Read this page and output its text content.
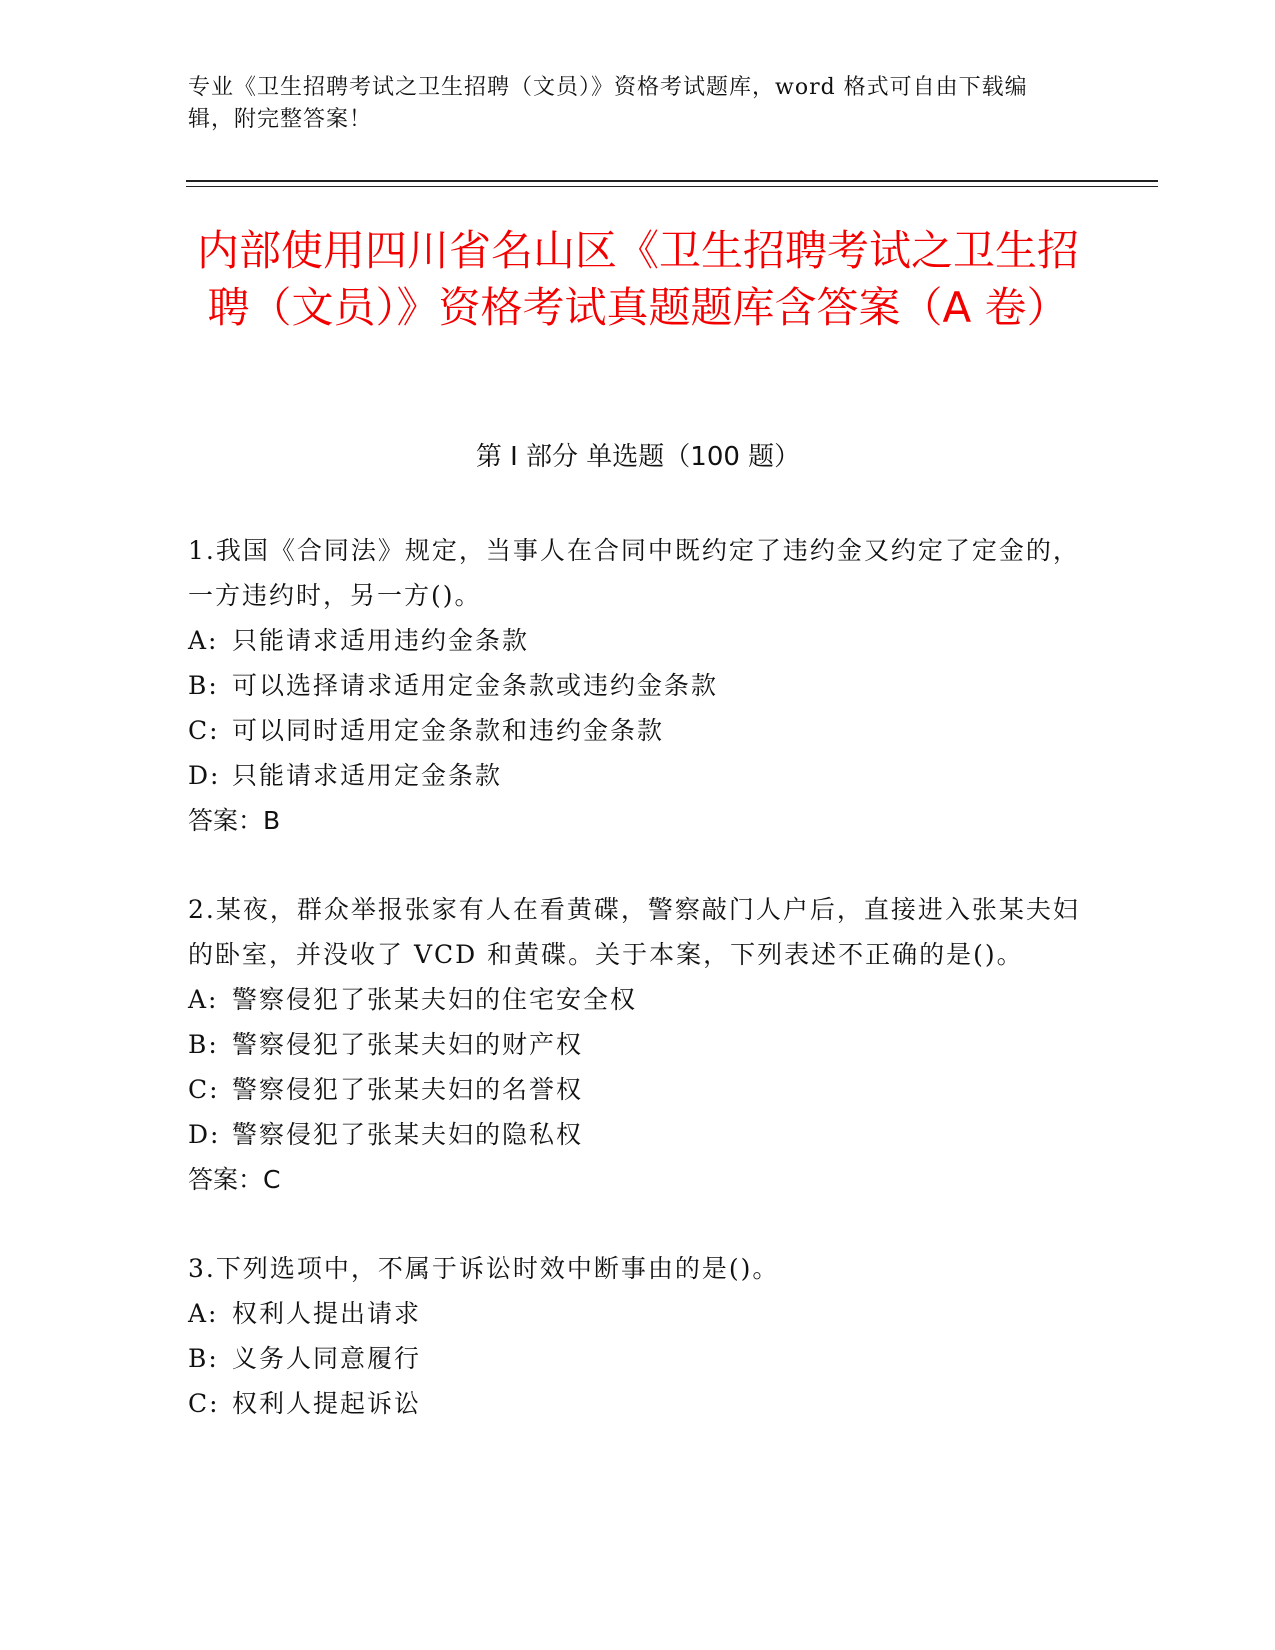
专业《卫生招聘考试之卫生招聘（文员）》资格考试题库，word 格式可自由下载编辑，附完整答案！
内部使用四川省名山区《卫生招聘考试之卫生招聘（文员）》资格考试真题题库含答案（A 卷）
第 I 部分 单选题（100 题）

1.我国《合同法》规定，当事人在合同中既约定了违约金又约定了定金的，一方违约时，另一方()。

A: 只能请求适用违约金条款

B: 可以选择请求适用定金条款或违约金条款

C: 可以同时适用定金条款和违约金条款

D: 只能请求适用定金条款

答案：B

2.某夜，群众举报张家有人在看黄碟，警察敲门人户后，直接进入张某夫妇的卧室，并没收了 VCD 和黄碟。关于本案，下列表述不正确的是()。

A: 警察侵犯了张某夫妇的住宅安全权

B: 警察侵犯了张某夫妇的财产权

C: 警察侵犯了张某夫妇的名誉权

D: 警察侵犯了张某夫妇的隐私权

答案：C

3.下列选项中，不属于诉讼时效中断事由的是()。

A: 权利人提出请求

B: 义务人同意履行

C: 权利人提起诉讼
